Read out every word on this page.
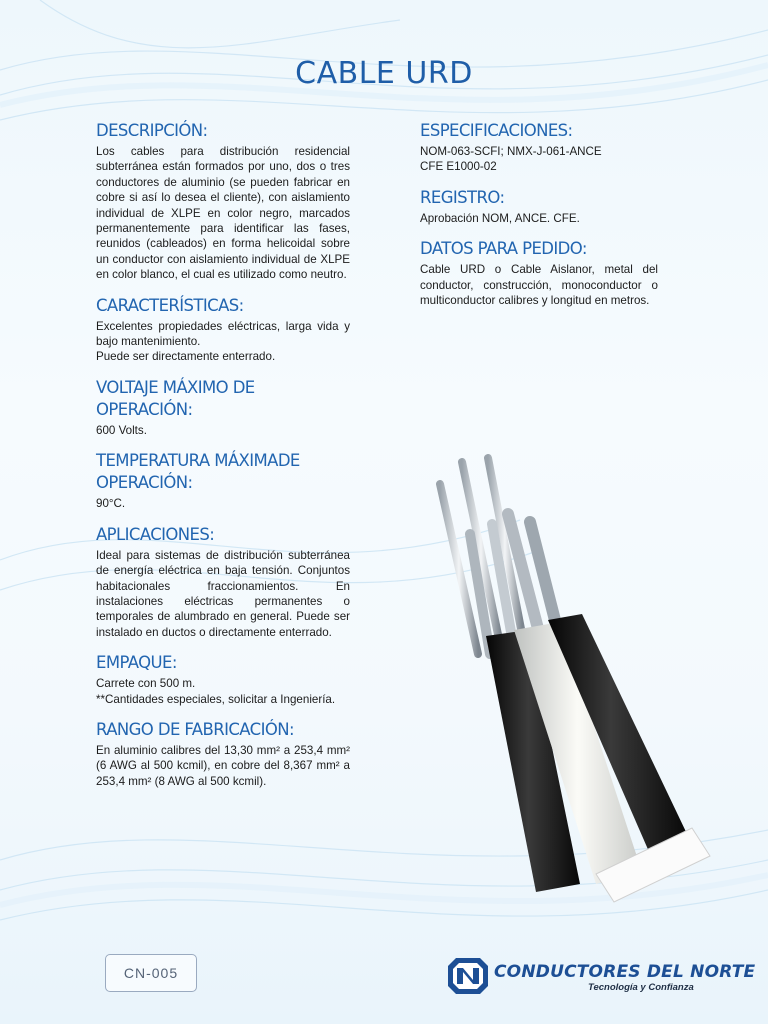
CABLE URD
DESCRIPCIÓN:

Los cables para distribución residencial subterránea están formados por uno, dos o tres conductores de aluminio (se pueden fabricar en cobre si así lo desea el cliente), con aislamiento individual de XLPE en color negro, marcados permanentemente para identificar las fases, reunidos (cableados) en forma helicoidal sobre un conductor con aislamiento individual de XLPE en color blanco, el cual es utilizado como neutro.

CARACTERÍSTICAS:

Excelentes propiedades eléctricas, larga vida y bajo mantenimiento.

Puede ser directamente enterrado.

VOLTAJE MÁXIMO DE OPERACIÓN:

600 Volts.

TEMPERATURA MÁXIMADE OPERACIÓN:

90°C.

APLICACIONES:

Ideal para sistemas de distribución subterránea de energía eléctrica en baja tensión. Conjuntos habitacionales fraccionamientos. En instalaciones eléctricas permanentes o temporales de alumbrado en general. Puede ser instalado en ductos o directamente enterrado.

EMPAQUE:

Carrete con 500 m.

**Cantidades especiales, solicitar a Ingeniería.

RANGO DE FABRICACIÓN:

En aluminio calibres del 13,30 mm² a 253,4 mm² (6 AWG al 500 kcmil), en cobre del 8,367 mm² a 253,4 mm² (8 AWG al 500 kcmil).

ESPECIFICACIONES:

NOM-063-SCFI; NMX-J-061-ANCE

CFE E1000-02

REGISTRO:

Aprobación NOM, ANCE. CFE.

DATOS PARA PEDIDO:

Cable URD o Cable Aislanor, metal del conductor, construcción, monoconductor o multiconductor calibres y longitud en metros.

CN-005	CONDUCTORES DEL NORTE
Tecnología y Confianza
